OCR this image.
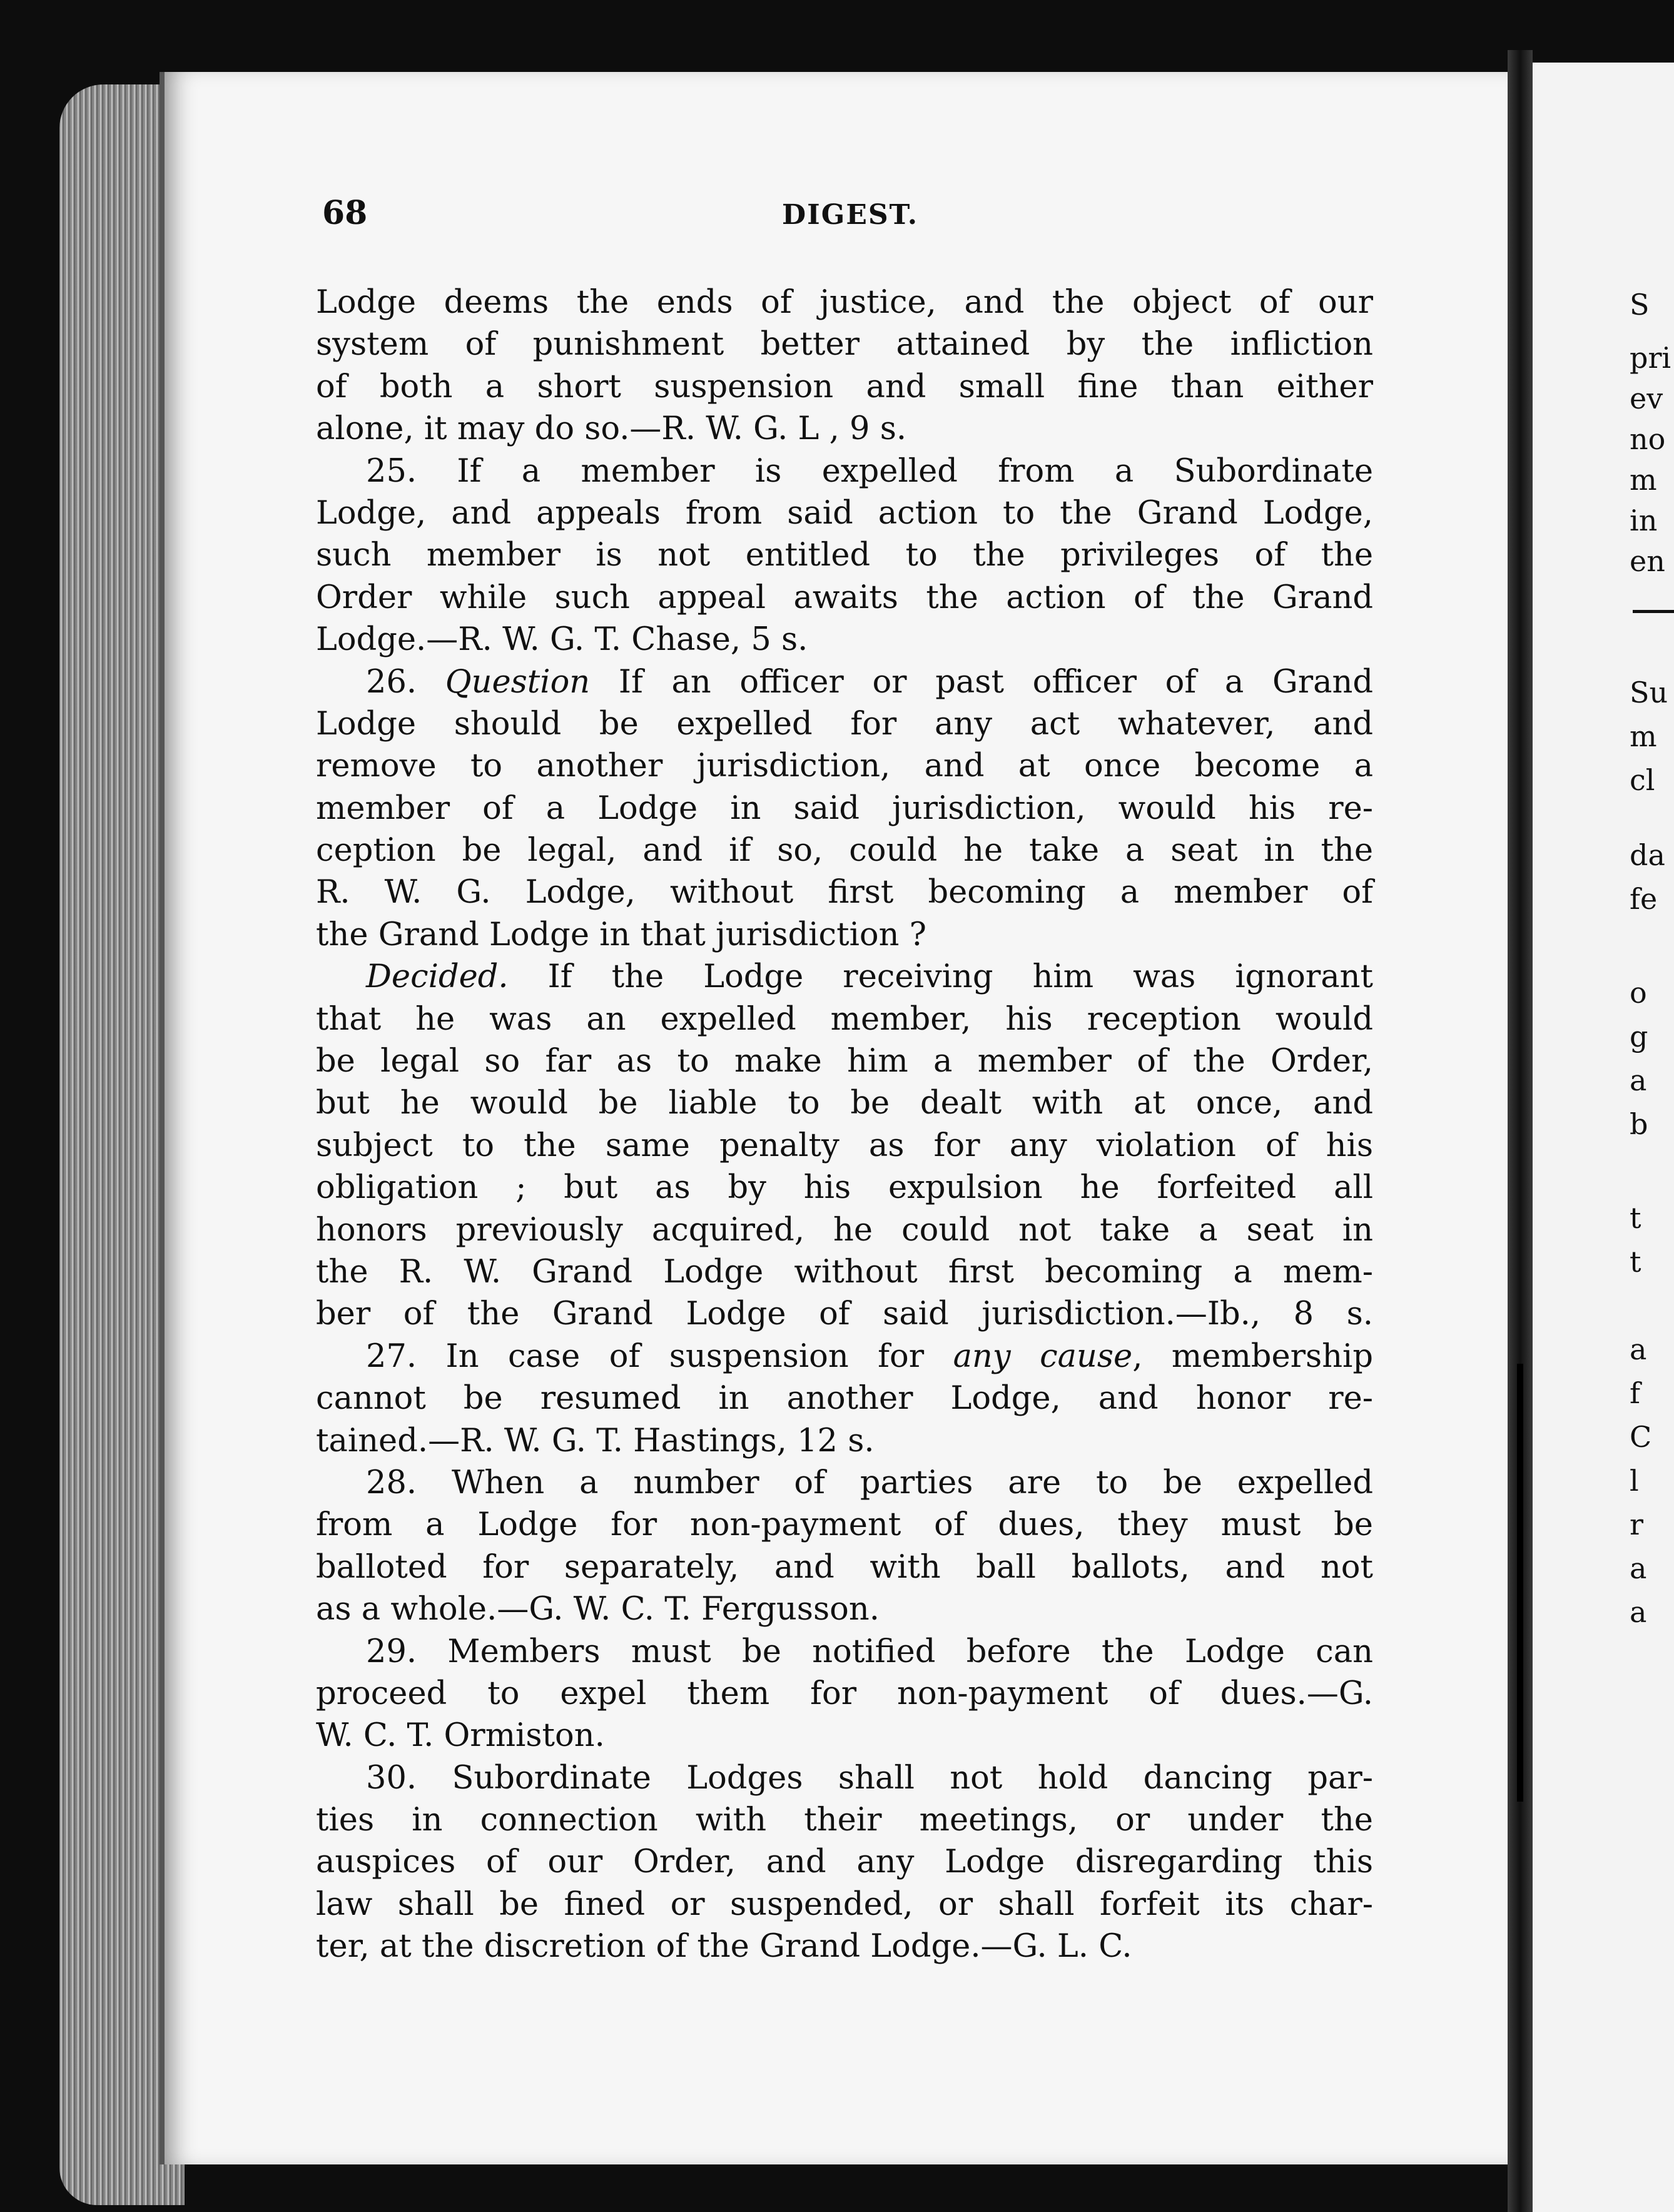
S
pri
ev
no
m
in
en
Su
m
cl
da
fe
o
g
a
b
t
t
a
f
C
l
r
a
a
68	DIGEST.
Lodge deems the ends of justice, and the object of our
system of punishment better attained by the infliction
of both a short suspension and small fine than either
alone, it may do so.—R. W. G. L , 9 s.
25. If a member is expelled from a Subordinate
Lodge, and appeals from said action to the Grand Lodge,
such member is not entitled to the privileges of the
Order while such appeal awaits the action of the Grand
Lodge.—R. W. G. T. Chase, 5 s.
26. Question If an officer or past officer of a Grand
Lodge should be expelled for any act whatever, and
remove to another jurisdiction, and at once become a
member of a Lodge in said jurisdiction, would his re-
ception be legal, and if so, could he take a seat in the
R. W. G. Lodge, without first becoming a member of
the Grand Lodge in that jurisdiction ?
Decided. If the Lodge receiving him was ignorant
that he was an expelled member, his reception would
be legal so far as to make him a member of the Order,
but he would be liable to be dealt with at once, and
subject to the same penalty as for any violation of his
obligation ; but as by his expulsion he forfeited all
honors previously acquired, he could not take a seat in
the R. W. Grand Lodge without first becoming a mem-
ber of the Grand Lodge of said jurisdiction.—Ib., 8 s.
27. In case of suspension for any cause, membership
cannot be resumed in another Lodge, and honor re-
tained.—R. W. G. T. Hastings, 12 s.
28. When a number of parties are to be expelled
from a Lodge for non-payment of dues, they must be
balloted for separately, and with ball ballots, and not
as a whole.—G. W. C. T. Fergusson.
29. Members must be notified before the Lodge can
proceed to expel them for non-payment of dues.—G.
W. C. T. Ormiston.
30. Subordinate Lodges shall not hold dancing par-
ties in connection with their meetings, or under the
auspices of our Order, and any Lodge disregarding this
law shall be fined or suspended, or shall forfeit its char-
ter, at the discretion of the Grand Lodge.—G. L. C.
